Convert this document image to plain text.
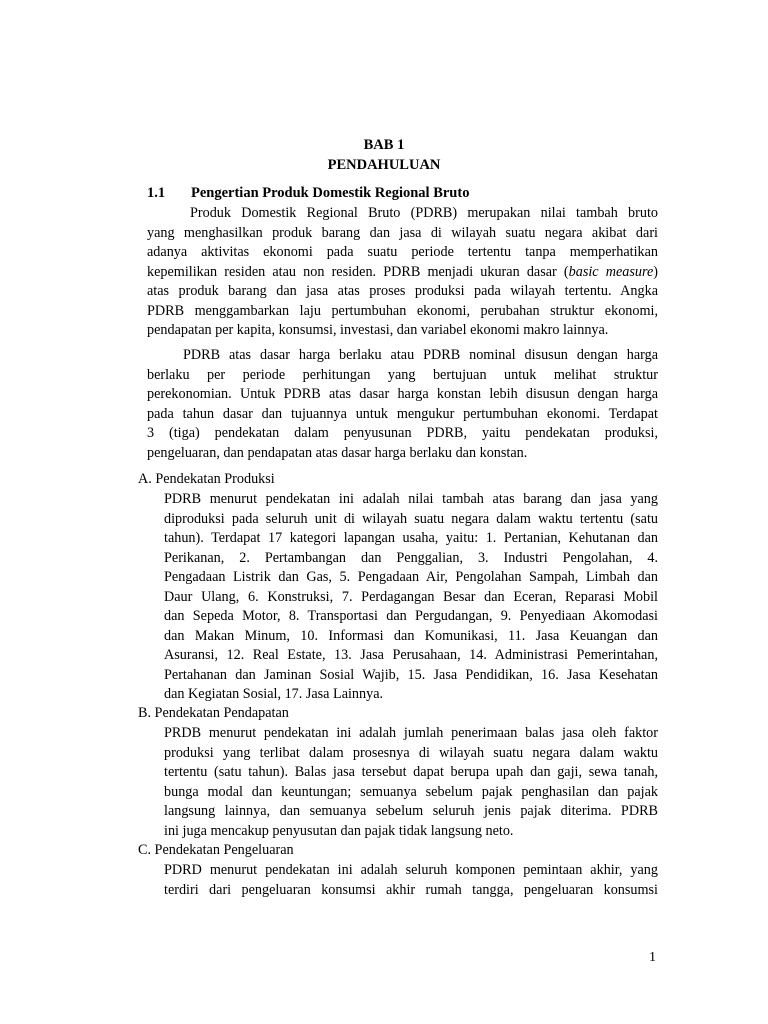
BAB 1
PENDAHULUAN
1.1 Pengertian Produk Domestik Regional Bruto
Produk Domestik Regional Bruto (PDRB) merupakan nilai tambah bruto
yang menghasilkan produk barang dan jasa di wilayah suatu negara akibat dari
adanya aktivitas ekonomi pada suatu periode tertentu tanpa memperhatikan
kepemilikan residen atau non residen. PDRB menjadi ukuran dasar (basic measure)
atas produk barang dan jasa atas proses produksi pada wilayah tertentu. Angka
PDRB menggambarkan laju pertumbuhan ekonomi, perubahan struktur ekonomi,
pendapatan per kapita, konsumsi, investasi, dan variabel ekonomi makro lainnya.
PDRB atas dasar harga berlaku atau PDRB nominal disusun dengan harga
berlaku per periode perhitungan yang bertujuan untuk melihat struktur
perekonomian. Untuk PDRB atas dasar harga konstan lebih disusun dengan harga
pada tahun dasar dan tujuannya untuk mengukur pertumbuhan ekonomi. Terdapat
3 (tiga) pendekatan dalam penyusunan PDRB, yaitu pendekatan produksi,
pengeluaran, dan pendapatan atas dasar harga berlaku dan konstan.
A. Pendekatan Produksi
PDRB menurut pendekatan ini adalah nilai tambah atas barang dan jasa yang
diproduksi pada seluruh unit di wilayah suatu negara dalam waktu tertentu (satu
tahun). Terdapat 17 kategori lapangan usaha, yaitu: 1. Pertanian, Kehutanan dan
Perikanan, 2. Pertambangan dan Penggalian, 3. Industri Pengolahan, 4.
Pengadaan Listrik dan Gas, 5. Pengadaan Air, Pengolahan Sampah, Limbah dan
Daur Ulang, 6. Konstruksi, 7. Perdagangan Besar dan Eceran, Reparasi Mobil
dan Sepeda Motor, 8. Transportasi dan Pergudangan, 9. Penyediaan Akomodasi
dan Makan Minum, 10. Informasi dan Komunikasi, 11. Jasa Keuangan dan
Asuransi, 12. Real Estate, 13. Jasa Perusahaan, 14. Administrasi Pemerintahan,
Pertahanan dan Jaminan Sosial Wajib, 15. Jasa Pendidikan, 16. Jasa Kesehatan
dan Kegiatan Sosial, 17. Jasa Lainnya.
B. Pendekatan Pendapatan
PRDB menurut pendekatan ini adalah jumlah penerimaan balas jasa oleh faktor
produksi yang terlibat dalam prosesnya di wilayah suatu negara dalam waktu
tertentu (satu tahun). Balas jasa tersebut dapat berupa upah dan gaji, sewa tanah,
bunga modal dan keuntungan; semuanya sebelum pajak penghasilan dan pajak
langsung lainnya, dan semuanya sebelum seluruh jenis pajak diterima. PDRB
ini juga mencakup penyusutan dan pajak tidak langsung neto.
C. Pendekatan Pengeluaran
PDRD menurut pendekatan ini adalah seluruh komponen pemintaan akhir, yang
terdiri dari pengeluaran konsumsi akhir rumah tangga, pengeluaran konsumsi
1
